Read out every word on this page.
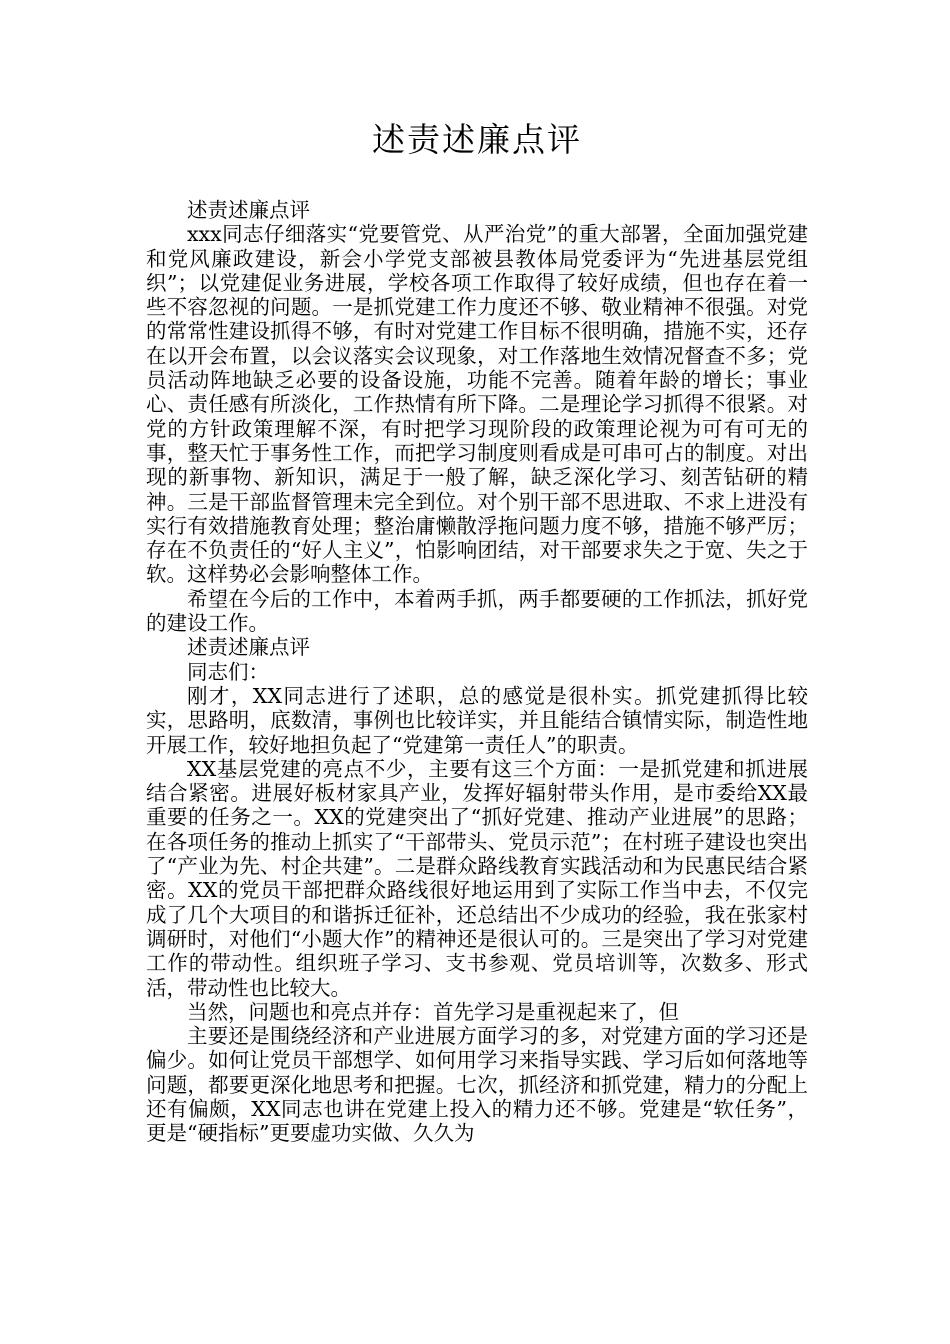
述责述廉点评

述责述廉点评

xxx同志仔细落实“党要管党、从严治党”的重大部署，全面加强党建和党风廉政建设，新会小学党支部被县教体局党委评为“先进基层党组织”；以党建促业务进展，学校各项工作取得了较好成绩，但也存在着一些不容忽视的问题。一是抓党建工作力度还不够、敬业精神不很强。对党的常常性建设抓得不够，有时对党建工作目标不很明确，措施不实，还存在以开会布置，以会议落实会议现象，对工作落地生效情况督查不多；党员活动阵地缺乏必要的设备设施，功能不完善。随着年龄的增长；事业心、责任感有所淡化，工作热情有所下降。二是理论学习抓得不很紧。对党的方针政策理解不深，有时把学习现阶段的政策理论视为可有可无的事，整天忙于事务性工作，而把学习制度则看成是可串可占的制度。对出现的新事物、新知识，满足于一般了解，缺乏深化学习、刻苦钻研的精神。三是干部监督管理未完全到位。对个别干部不思进取、不求上进没有实行有效措施教育处理；整治庸懒散浮拖问题力度不够，措施不够严厉；存在不负责任的“好人主义”，怕影响团结，对干部要求失之于宽、失之于软。这样势必会影响整体工作。

希望在今后的工作中，本着两手抓，两手都要硬的工作抓法，抓好党的建设工作。

述责述廉点评

同志们：

刚才，XX同志进行了述职，总的感觉是很朴实。抓党建抓得比较实，思路明，底数清，事例也比较详实，并且能结合镇情实际，制造性地开展工作，较好地担负起了“党建第一责任人”的职责。

XX基层党建的亮点不少，主要有这三个方面：一是抓党建和抓进展结合紧密。进展好板材家具产业，发挥好辐射带头作用，是市委给XX最重要的任务之一。XX的党建突出了“抓好党建、推动产业进展”的思路；在各项任务的推动上抓实了“干部带头、党员示范”；在村班子建设也突出了“产业为先、村企共建”。二是群众路线教育实践活动和为民惠民结合紧密。XX的党员干部把群众路线很好地运用到了实际工作当中去，不仅完成了几个大项目的和谐拆迁征补，还总结出不少成功的经验，我在张家村调研时，对他们“小题大作”的精神还是很认可的。三是突出了学习对党建工作的带动性。组织班子学习、支书参观、党员培训等，次数多、形式活，带动性也比较大。

当然，问题也和亮点并存：首先学习是重视起来了，但

主要还是围绕经济和产业进展方面学习的多，对党建方面的学习还是偏少。如何让党员干部想学、如何用学习来指导实践、学习后如何落地等问题，都要更深化地思考和把握。七次，抓经济和抓党建，精力的分配上还有偏颇，XX同志也讲在党建上投入的精力还不够。党建是“软任务”，更是“硬指标”更要虚功实做、久久为
